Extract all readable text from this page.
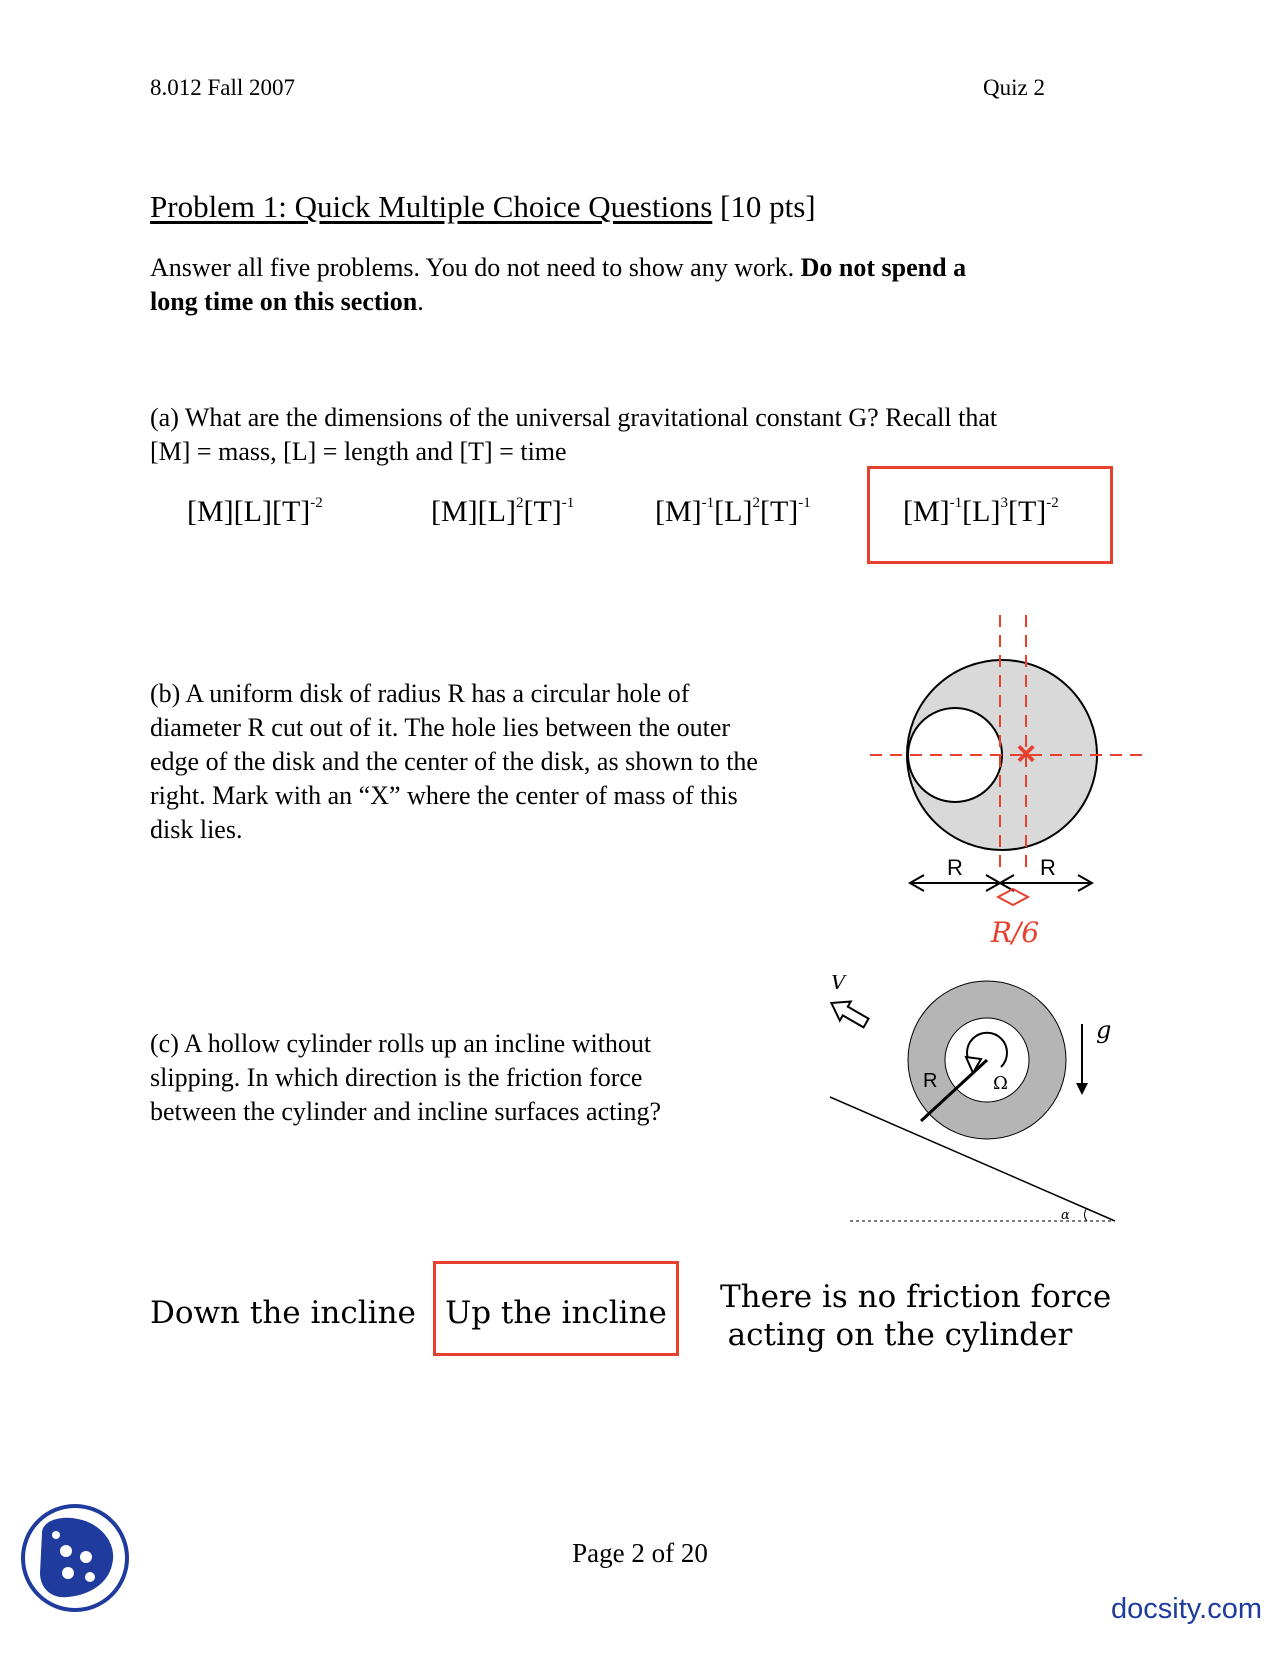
8.012 Fall 2007	Quiz 2
Problem 1: Quick Multiple Choice Questions [10 pts]
Answer all five problems. You do not need to show any work. Do not spend a
long time on this section.
(a) What are the dimensions of the universal gravitational constant G? Recall that
[M] = mass, [L] = length and [T] = time
$[M][L][T]^{-2}$	$[M][L]^2[T]^{-1}$	$[M]^{-1}[L]^2[T]^{-1}$	$[M]^{-1}[L]^3[T]^{-2}$
(b) A uniform disk of radius R has a circular hole of
diameter R cut out of it. The hole lies between the outer
edge of the disk and the center of the disk, as shown to the
right. Mark with an “X” where the center of mass of this
disk lies.
×
R	R
R/6
(c) A hollow cylinder rolls up an incline without
slipping. In which direction is the friction force
between the cylinder and incline surfaces acting?
α
R	Ω
V
g
Down the incline Up the incline There is no friction force
acting on the cylinder
Page 2 of 20
docsity.com
